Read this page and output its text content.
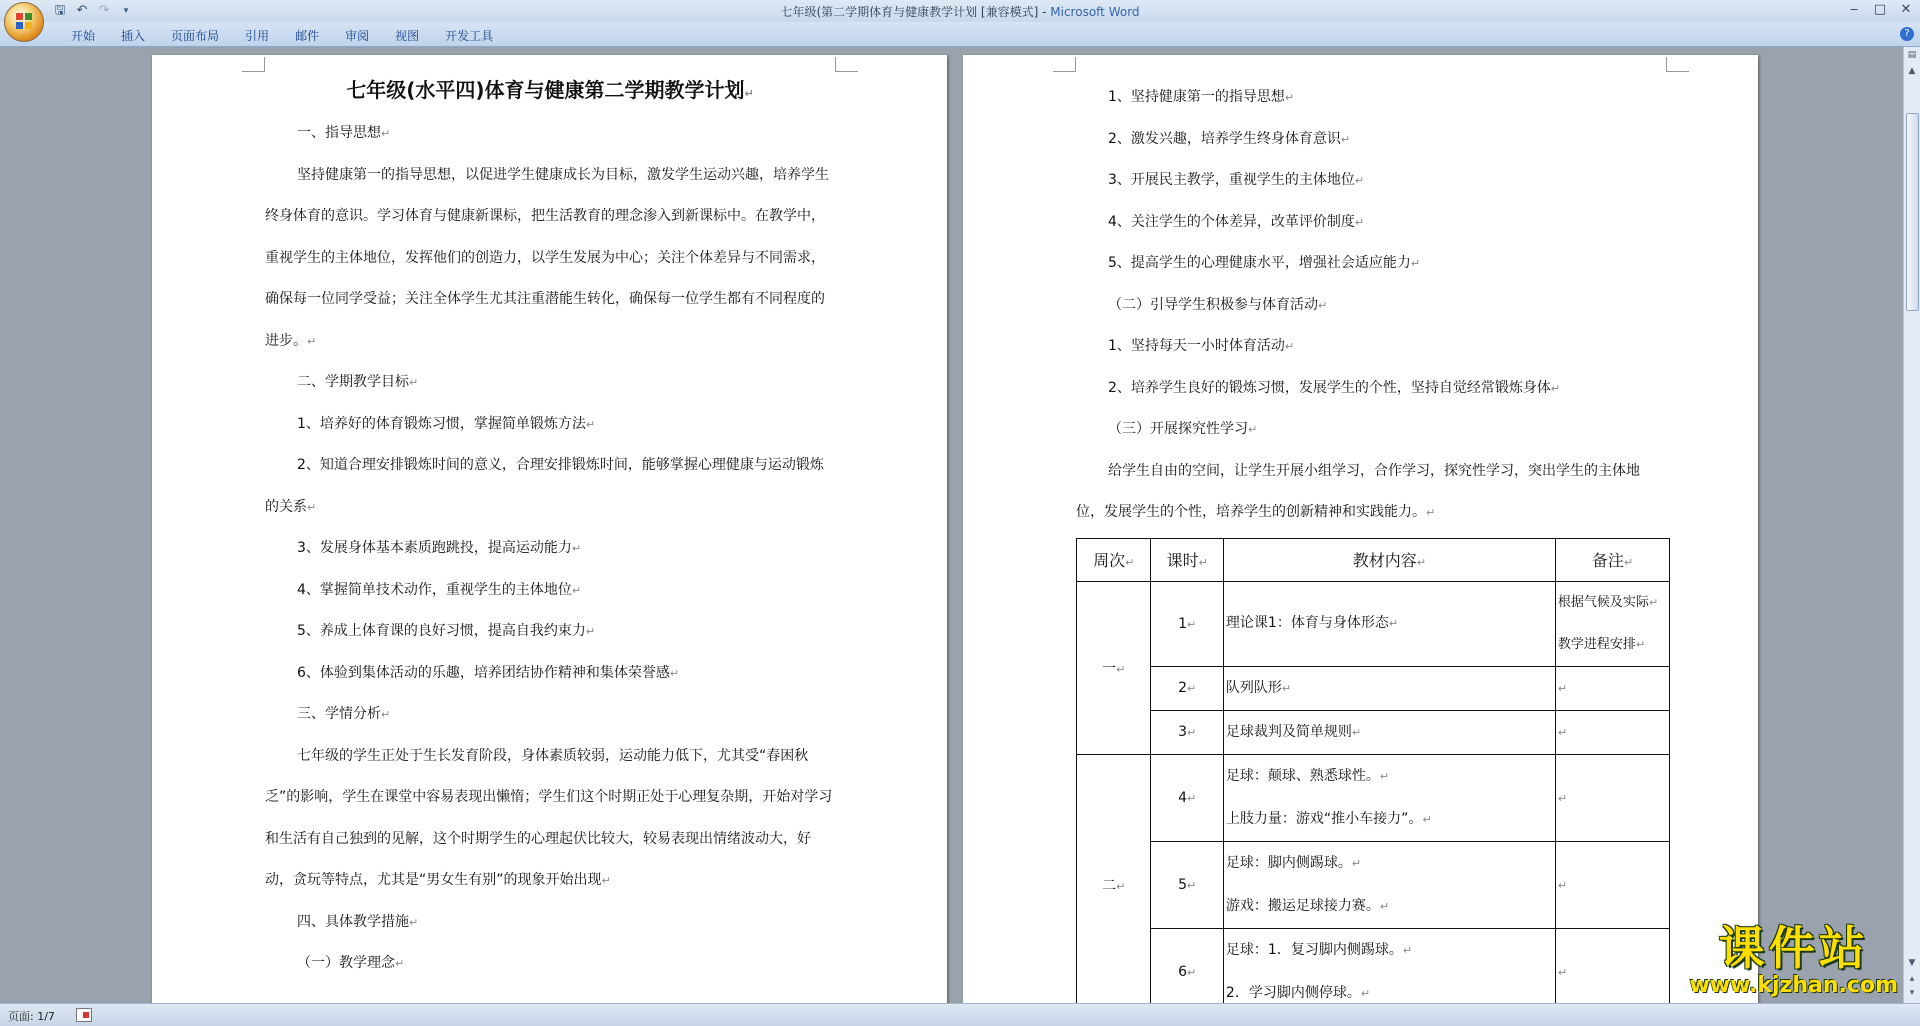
🖫 ↶ ↷	▾	七年级(第二学期体育与健康教学计划 [兼容模式] - Microsoft Word	‒ □ ✕
开始	插入	页面布局	引用	邮件	审阅	视图	开发工具	?
七年级(水平四)体育与健康第二学期教学计划↵

一、指导思想↵

坚持健康第一的指导思想，以促进学生健康成长为目标，激发学生运动兴趣，培养学生终身体育的意识。学习体育与健康新课标，把生活教育的理念渗入到新课标中。在教学中，重视学生的主体地位，发挥他们的创造力，以学生发展为中心；关注个体差异与不同需求，确保每一位同学受益；关注全体学生尤其注重潜能生转化，确保每一位学生都有不同程度的进步。↵

二、学期教学目标↵

1、培养好的体育锻炼习惯，掌握简单锻炼方法↵

2、知道合理安排锻炼时间的意义，合理安排锻炼时间，能够掌握心理健康与运动锻炼的关系↵

3、发展身体基本素质跑跳投，提高运动能力↵

4、掌握简单技术动作，重视学生的主体地位↵

5、养成上体育课的良好习惯，提高自我约束力↵

6、体验到集体活动的乐趣，培养团结协作精神和集体荣誉感↵

三、学情分析↵

七年级的学生正处于生长发育阶段，身体素质较弱，运动能力低下，尤其受“春困秋乏”的影响，学生在课堂中容易表现出懒惰；学生们这个时期正处于心理复杂期，开始对学习和生活有自己独到的见解，这个时期学生的心理起伏比较大，较易表现出情绪波动大，好动，贪玩等特点，尤其是“男女生有别”的现象开始出现↵

四、具体教学措施↵

（一）教学理念↵

1、坚持健康第一的指导思想↵

2、激发兴趣，培养学生终身体育意识↵

3、开展民主教学，重视学生的主体地位↵

4、关注学生的个体差异，改革评价制度↵

5、提高学生的心理健康水平，增强社会适应能力↵

（二）引导学生积极参与体育活动↵

1、坚持每天一小时体育活动↵

2、培养学生良好的锻炼习惯，发展学生的个性，坚持自觉经常锻炼身体↵

（三）开展探究性学习↵

给学生自由的空间，让学生开展小组学习，合作学习，探究性学习，突出学生的主体地位，发展学生的个性，培养学生的创新精神和实践能力。↵

周次↵	课时↵	教材内容↵	备注↵
一↵	1↵	理论课1：体育与身体形态↵	根据气候及实际↵
教学进程安排↵

	2↵	队列队形↵	↵
	3↵	足球裁判及简单规则↵	↵
二↵	4↵	足球：颠球、熟悉球性。↵
上肢力量：游戏“推小车接力”。↵	↵
	5↵	足球：脚内侧踢球。↵
游戏：搬运足球接力赛。↵	↵
	6↵	足球：1．复习脚内侧踢球。↵
2．学习脚内侧停球。↵	↵
▤
▲
▼
▴
▾
页面: 1/7
课件站
www.kjzhan.com
